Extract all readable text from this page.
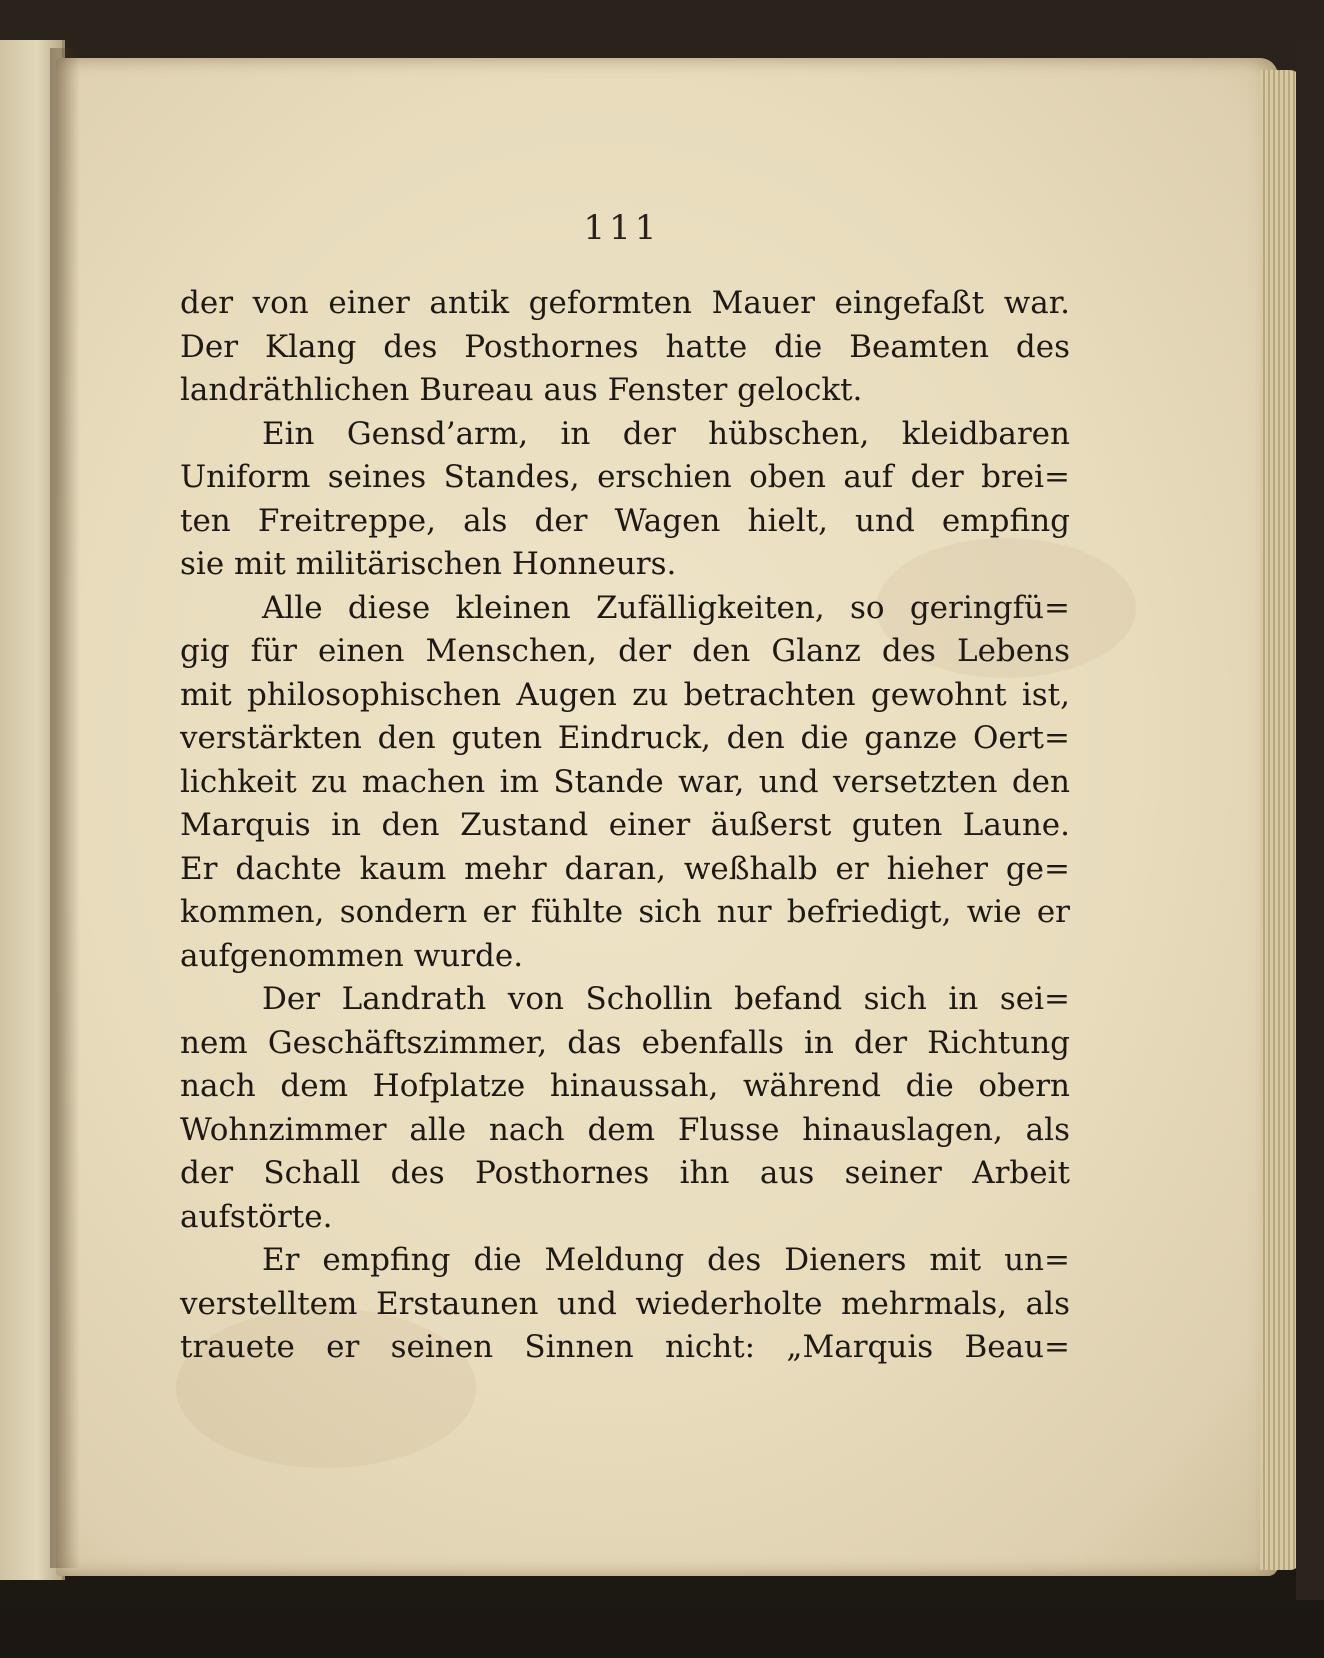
111
der von einer antik geformten Mauer eingefaßt war.
Der Klang des Posthornes hatte die Beamten des
landräthlichen Bureau aus Fenster gelockt.
Ein Gensd’arm, in der hübschen, kleidbaren
Uniform seines Standes, erschien oben auf der brei=
ten Freitreppe, als der Wagen hielt, und empfing
sie mit militärischen Honneurs.
Alle diese kleinen Zufälligkeiten, so geringfü=
gig für einen Menschen, der den Glanz des Lebens
mit philosophischen Augen zu betrachten gewohnt ist,
verstärkten den guten Eindruck, den die ganze Oert=
lichkeit zu machen im Stande war, und versetzten den
Marquis in den Zustand einer äußerst guten Laune.
Er dachte kaum mehr daran, weßhalb er hieher ge=
kommen, sondern er fühlte sich nur befriedigt, wie er
aufgenommen wurde.
Der Landrath von Schollin befand sich in sei=
nem Geschäftszimmer, das ebenfalls in der Richtung
nach dem Hofplatze hinaussah, während die obern
Wohnzimmer alle nach dem Flusse hinauslagen, als
der Schall des Posthornes ihn aus seiner Arbeit
aufstörte.
Er empfing die Meldung des Dieners mit un=
verstelltem Erstaunen und wiederholte mehrmals, als
trauete er seinen Sinnen nicht: „Marquis Beau=
